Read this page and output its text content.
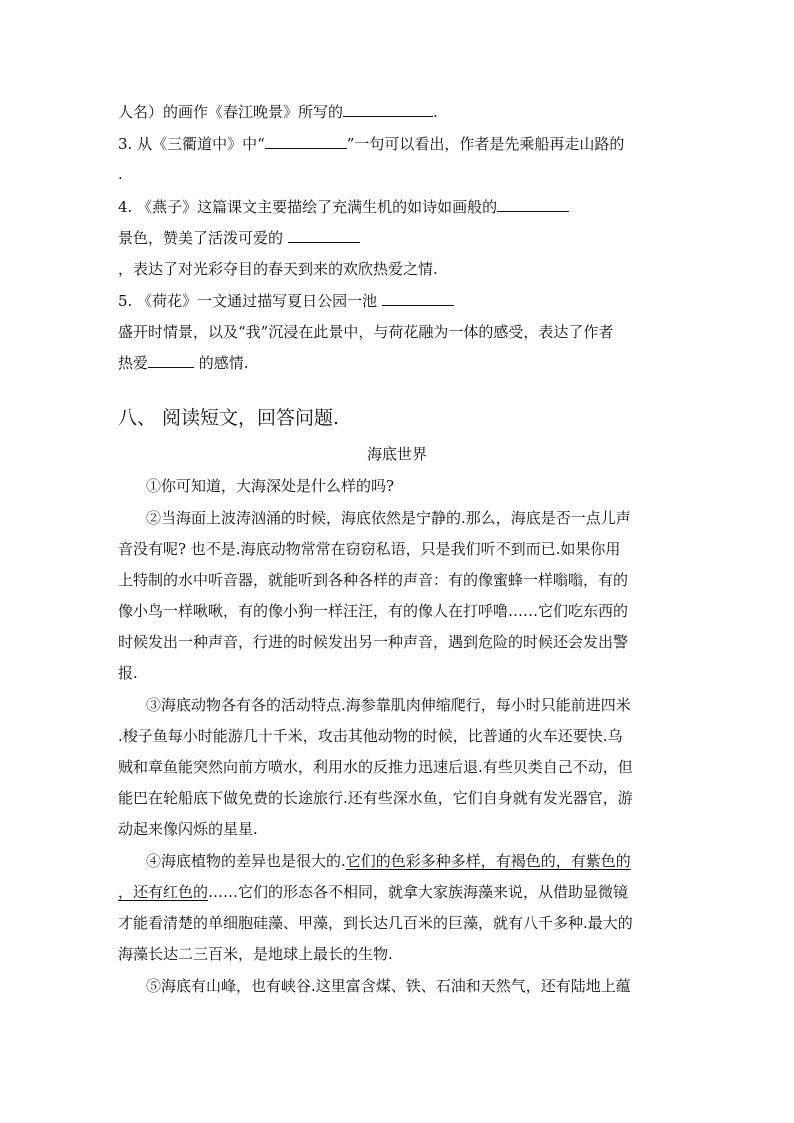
人名）的画作《春江晚景》所写的	.
3. 从《三衢道中》中“	”一句可以看出，作者是先乘船再走山路的
.
4. 《燕子》这篇课文主要描绘了充满生机的如诗如画般的
景色，赞美了活泼可爱的
，表达了对光彩夺目的春天到来的欢欣热爱之情.
5. 《荷花》一文通过描写夏日公园一池
盛开时情景，以及“我”沉浸在此景中，与荷花融为一体的感受，表达了作者
热爱	的感情.
八、 阅读短文，回答问题.
海底世界
①你可知道，大海深处是什么样的吗?
②当海面上波涛汹涌的时候，海底依然是宁静的.那么，海底是否一点儿声
音没有呢? 也不是.海底动物常常在窃窃私语，只是我们听不到而已.如果你用
上特制的水中听音器，就能听到各种各样的声音：有的像蜜蜂一样嗡嗡，有的
像小鸟一样啾啾，有的像小狗一样汪汪，有的像人在打呼噜……它们吃东西的
时候发出一种声音，行进的时候发出另一种声音，遇到危险的时候还会发出警
报.
③海底动物各有各的活动特点.海参靠肌肉伸缩爬行，每小时只能前进四米
.梭子鱼每小时能游几十千米，攻击其他动物的时候，比普通的火车还要快.乌
贼和章鱼能突然向前方喷水，利用水的反推力迅速后退.有些贝类自己不动，但
能巴在轮船底下做免费的长途旅行.还有些深水鱼，它们自身就有发光器官，游
动起来像闪烁的星星.
④海底植物的差异也是很大的.它们的色彩多种多样，有褐色的，有紫色的
，还有红色的……它们的形态各不相同，就拿大家族海藻来说，从借助显微镜
才能看清楚的单细胞硅藻、甲藻，到长达几百米的巨藻，就有八千多种.最大的
海藻长达二三百米，是地球上最长的生物.
⑤海底有山峰，也有峡谷.这里富含煤、铁、石油和天然气，还有陆地上蕴
